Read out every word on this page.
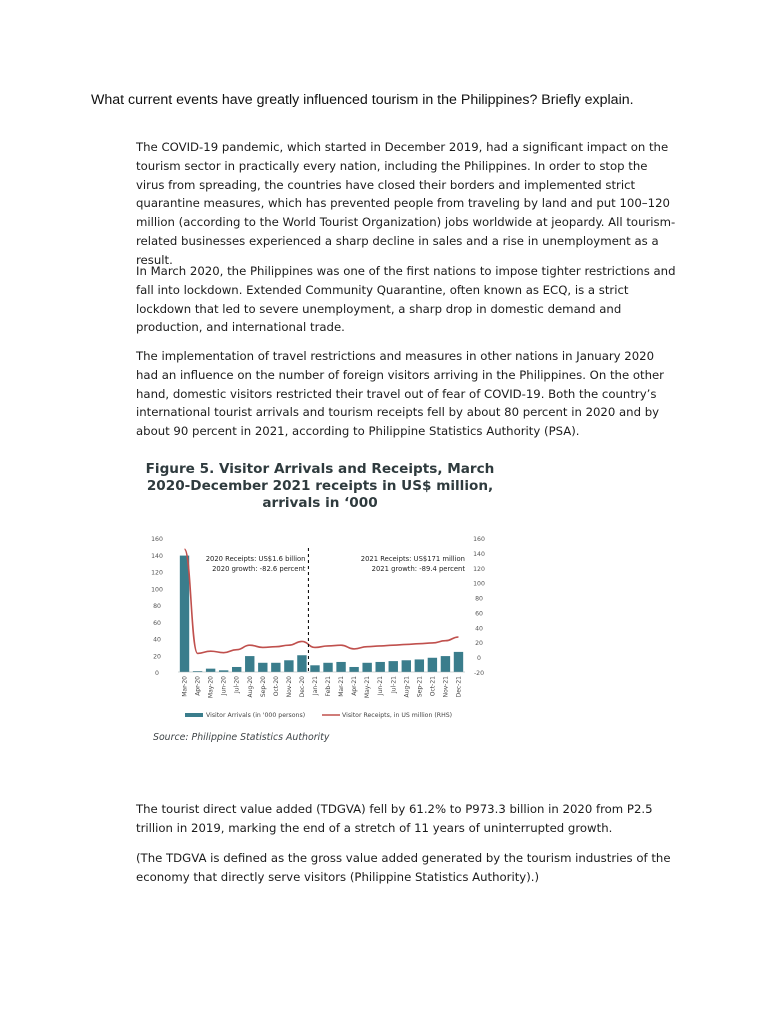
What current events have greatly influenced tourism in the Philippines? Briefly explain.

The COVID-19 pandemic, which started in December 2019, had a significant impact on the tourism sector in practically every nation, including the Philippines. In order to stop the virus from spreading, the countries have closed their borders and implemented strict quarantine measures, which has prevented people from traveling by land and put 100–120 million (according to the World Tourist Organization) jobs worldwide at jeopardy. All tourism-related businesses experienced a sharp decline in sales and a rise in unemployment as a result.

In March 2020, the Philippines was one of the first nations to impose tighter restrictions and fall into lockdown. Extended Community Quarantine, often known as ECQ, is a strict lockdown that led to severe unemployment, a sharp drop in domestic demand and production, and international trade.

The implementation of travel restrictions and measures in other nations in January 2020 had an influence on the number of foreign visitors arriving in the Philippines. On the other hand, domestic visitors restricted their travel out of fear of COVID-19. Both the country’s international tourist arrivals and tourism receipts fell by about 80 percent in 2020 and by about 90 percent in 2021, according to Philippine Statistics Authority (PSA).

Figure 5. Visitor Arrivals and Receipts, March
2020-December 2021 receipts in US$ million,
arrivals in ‘000
0
20
40
60
80
100
120
140
160
-20
0
20
40
60
80
100
120
140
160
2020 Receipts: US$1.6 billion
2020 growth: -82.6 percent
2021 Receipts: US$171 million
2021 growth: -89.4 percent
Mar-20 Apr-20 May-20 Jun-20 Jul-20 Aug-20 Sep-20 Oct-20 Nov-20 Dec-20 Jan-21 Feb-21 Mar-21 Apr-21 May-21 Jun-21 Jul-21 Aug-21 Sep-21 Oct-21 Nov-21 Dec-21
Visitor Arrivals (in '000 persons)	Visitor Receipts, in US million (RHS)
Source: Philippine Statistics Authority

The tourist direct value added (TDGVA) fell by 61.2% to P973.3 billion in 2020 from P2.5 trillion in 2019, marking the end of a stretch of 11 years of uninterrupted growth.

(The TDGVA is defined as the gross value added generated by the tourism industries of the economy that directly serve visitors (Philippine Statistics Authority).)
